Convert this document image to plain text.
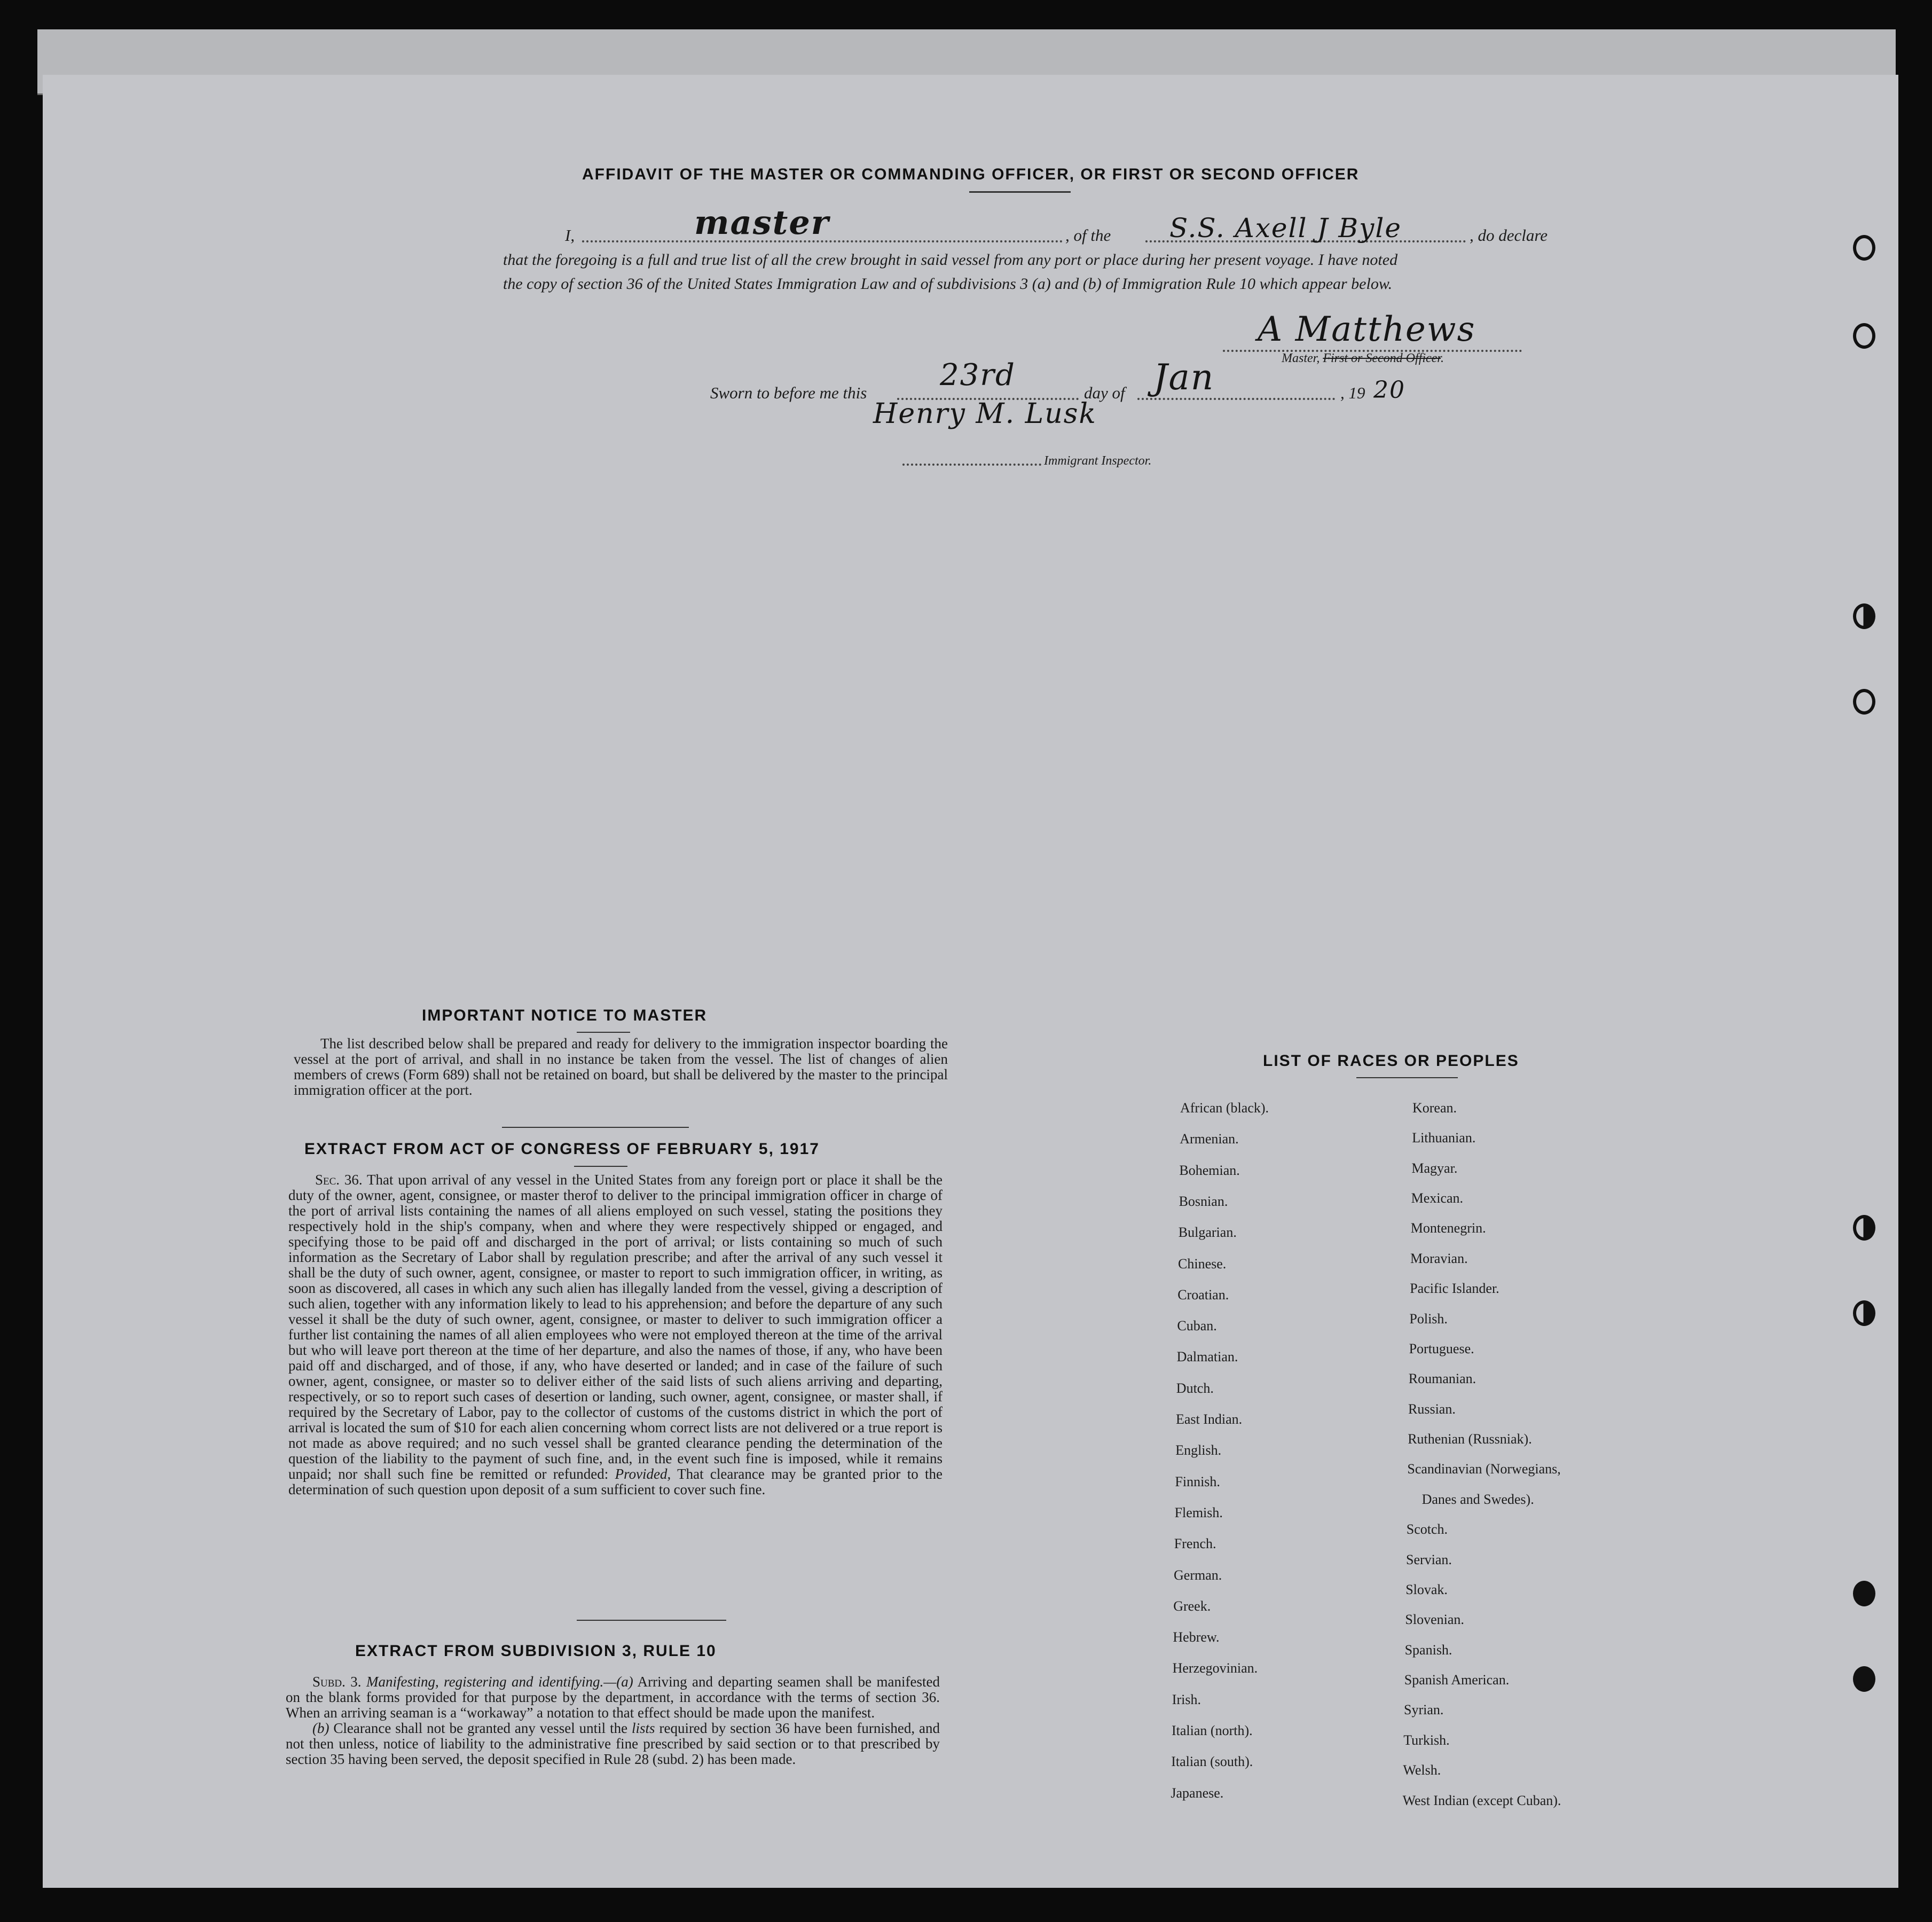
AFFIDAVIT OF THE MASTER OR COMMANDING OFFICER, OR FIRST OR SECOND OFFICER
I,	master	, of the S.S. Axell J Byle	, do declare
that the foregoing is a full and true list of all the crew brought in said vessel from any port or place during her present voyage. I have noted
the copy of section 36 of the United States Immigration Law and of subdivisions 3 (a) and (b) of Immigration Rule 10 which appear below.
A Matthews
Master, First or Second Officer.
Sworn to before me this
23rd
day of Jan	, 19 20
Henry M. Lusk
Immigrant Inspector.
IMPORTANT NOTICE TO MASTER
The list described below shall be prepared and ready for delivery to the immigration inspector boarding the vessel at the port of arrival, and shall in no instance be taken from the vessel. The list of changes of alien members of crews (Form 689) shall not be retained on board, but shall be delivered by the master to the principal immigration officer at the port.
EXTRACT FROM ACT OF CONGRESS OF FEBRUARY 5, 1917
Sec. 36. That upon arrival of any vessel in the United States from any foreign port or place it shall be the duty of the owner, agent, consignee, or master therof to deliver to the principal immigration officer in charge of the port of arrival lists containing the names of all aliens employed on such vessel, stating the positions they respectively hold in the ship's company, when and where they were respectively shipped or engaged, and specifying those to be paid off and discharged in the port of arrival; or lists containing so much of such information as the Secretary of Labor shall by regulation prescribe; and after the arrival of any such vessel it shall be the duty of such owner, agent, consignee, or master to report to such immigration officer, in writing, as soon as discovered, all cases in which any such alien has illegally landed from the vessel, giving a description of such alien, together with any information likely to lead to his apprehension; and before the departure of any such vessel it shall be the duty of such owner, agent, consignee, or master to deliver to such immigration officer a further list containing the names of all alien employees who were not employed thereon at the time of the arrival but who will leave port thereon at the time of her departure, and also the names of those, if any, who have been paid off and discharged, and of those, if any, who have deserted or landed; and in case of the failure of such owner, agent, consignee, or master so to deliver either of the said lists of such aliens arriving and departing, respectively, or so to report such cases of desertion or landing, such owner, agent, consignee, or master shall, if required by the Secretary of Labor, pay to the collector of customs of the customs district in which the port of arrival is located the sum of $10 for each alien concerning whom correct lists are not delivered or a true report is not made as above required; and no such vessel shall be granted clearance pending the determination of the question of the liability to the payment of such fine, and, in the event such fine is imposed, while it remains unpaid; nor shall such fine be remitted or refunded: Provided, That clearance may be granted prior to the determination of such question upon deposit of a sum sufficient to cover such fine.
EXTRACT FROM SUBDIVISION 3, RULE 10
Subd. 3. Manifesting, registering and identifying.—(a) Arriving and departing seamen shall be manifested on the blank forms provided for that purpose by the department, in accordance with the terms of section 36. When an arriving seaman is a “workaway” a notation to that effect should be made upon the manifest.
(b) Clearance shall not be granted any vessel until the lists required by section 36 have been furnished, and not then unless, notice of liability to the administrative fine prescribed by said section or to that prescribed by section 35 having been served, the deposit specified in Rule 28 (subd. 2) has been made.
LIST OF RACES OR PEOPLES
African (black).
Armenian.
Bohemian.
Bosnian.
Bulgarian.
Chinese.
Croatian.
Cuban.
Dalmatian.
Dutch.
East Indian.
English.
Finnish.
Flemish.
French.
German.
Greek.
Hebrew.
Herzegovinian.
Irish.
Italian (north).
Italian (south).
Japanese.
Korean.
Lithuanian.
Magyar.
Mexican.
Montenegrin.
Moravian.
Pacific Islander.
Polish.
Portuguese.
Roumanian.
Russian.
Ruthenian (Russniak).
Scandinavian (Norwegians,
Danes and Swedes).
Scotch.
Servian.
Slovak.
Slovenian.
Spanish.
Spanish American.
Syrian.
Turkish.
Welsh.
West Indian (except Cuban).
